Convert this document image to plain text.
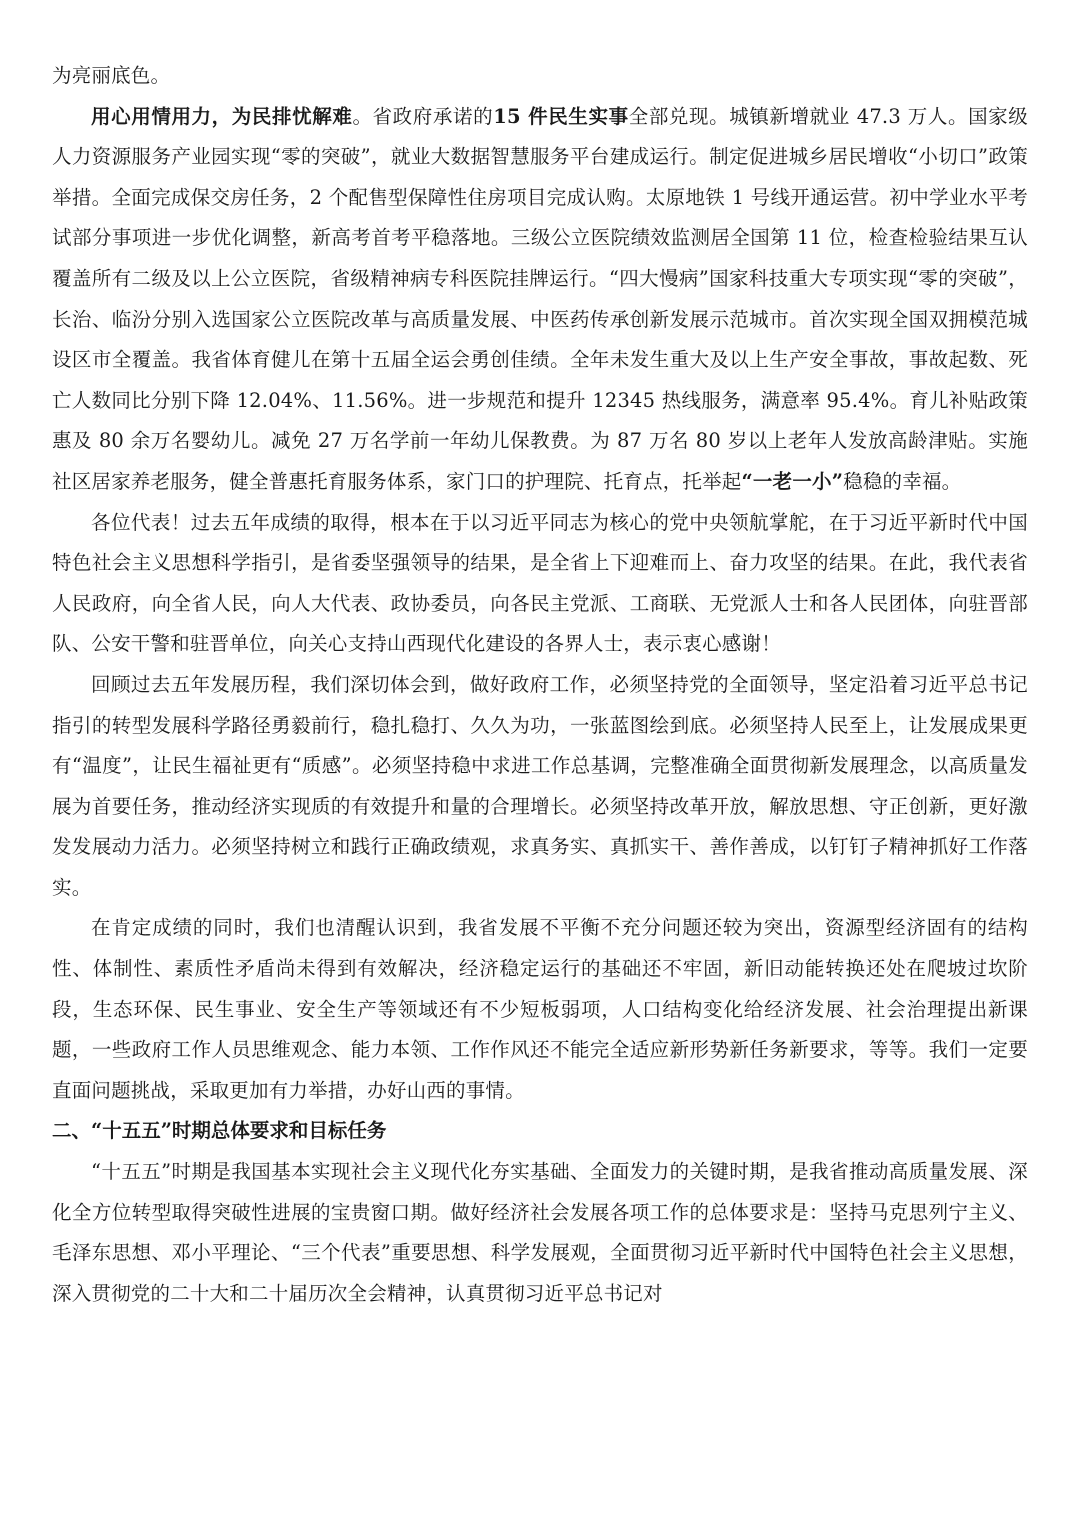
为亮丽底色。

用心用情用力，为民排忧解难。省政府承诺的15 件民生实事全部兑现。城镇新增就业 47.3 万人。国家级人力资源服务产业园实现“零的突破”，就业大数据智慧服务平台建成运行。制定促进城乡居民增收“小切口”政策举措。全面完成保交房任务，2 个配售型保障性住房项目完成认购。太原地铁 1 号线开通运营。初中学业水平考试部分事项进一步优化调整，新高考首考平稳落地。三级公立医院绩效监测居全国第 11 位，检查检验结果互认覆盖所有二级及以上公立医院，省级精神病专科医院挂牌运行。“四大慢病”国家科技重大专项实现“零的突破”，长治、临汾分别入选国家公立医院改革与高质量发展、中医药传承创新发展示范城市。首次实现全国双拥模范城设区市全覆盖。我省体育健儿在第十五届全运会勇创佳绩。全年未发生重大及以上生产安全事故，事故起数、死亡人数同比分别下降 12.04%、11.56%。进一步规范和提升 12345 热线服务，满意率 95.4%。育儿补贴政策惠及 80 余万名婴幼儿。减免 27 万名学前一年幼儿保教费。为 87 万名 80 岁以上老年人发放高龄津贴。实施社区居家养老服务，健全普惠托育服务体系，家门口的护理院、托育点，托举起“一老一小”稳稳的幸福。

各位代表！过去五年成绩的取得，根本在于以习近平同志为核心的党中央领航掌舵，在于习近平新时代中国特色社会主义思想科学指引，是省委坚强领导的结果，是全省上下迎难而上、奋力攻坚的结果。在此，我代表省人民政府，向全省人民，向人大代表、政协委员，向各民主党派、工商联、无党派人士和各人民团体，向驻晋部队、公安干警和驻晋单位，向关心支持山西现代化建设的各界人士，表示衷心感谢！

回顾过去五年发展历程，我们深切体会到，做好政府工作，必须坚持党的全面领导，坚定沿着习近平总书记指引的转型发展科学路径勇毅前行，稳扎稳打、久久为功，一张蓝图绘到底。必须坚持人民至上，让发展成果更有“温度”，让民生福祉更有“质感”。必须坚持稳中求进工作总基调，完整准确全面贯彻新发展理念，以高质量发展为首要任务，推动经济实现质的有效提升和量的合理增长。必须坚持改革开放，解放思想、守正创新，更好激发发展动力活力。必须坚持树立和践行正确政绩观，求真务实、真抓实干、善作善成，以钉钉子精神抓好工作落实。

在肯定成绩的同时，我们也清醒认识到，我省发展不平衡不充分问题还较为突出，资源型经济固有的结构性、体制性、素质性矛盾尚未得到有效解决，经济稳定运行的基础还不牢固，新旧动能转换还处在爬坡过坎阶段，生态环保、民生事业、安全生产等领域还有不少短板弱项，人口结构变化给经济发展、社会治理提出新课题，一些政府工作人员思维观念、能力本领、工作作风还不能完全适应新形势新任务新要求，等等。我们一定要直面问题挑战，采取更加有力举措，办好山西的事情。

二、“十五五”时期总体要求和目标任务

“十五五”时期是我国基本实现社会主义现代化夯实基础、全面发力的关键时期，是我省推动高质量发展、深化全方位转型取得突破性进展的宝贵窗口期。做好经济社会发展各项工作的总体要求是：坚持马克思列宁主义、毛泽东思想、邓小平理论、“三个代表”重要思想、科学发展观，全面贯彻习近平新时代中国特色社会主义思想，深入贯彻党的二十大和二十届历次全会精神，认真贯彻习近平总书记对
